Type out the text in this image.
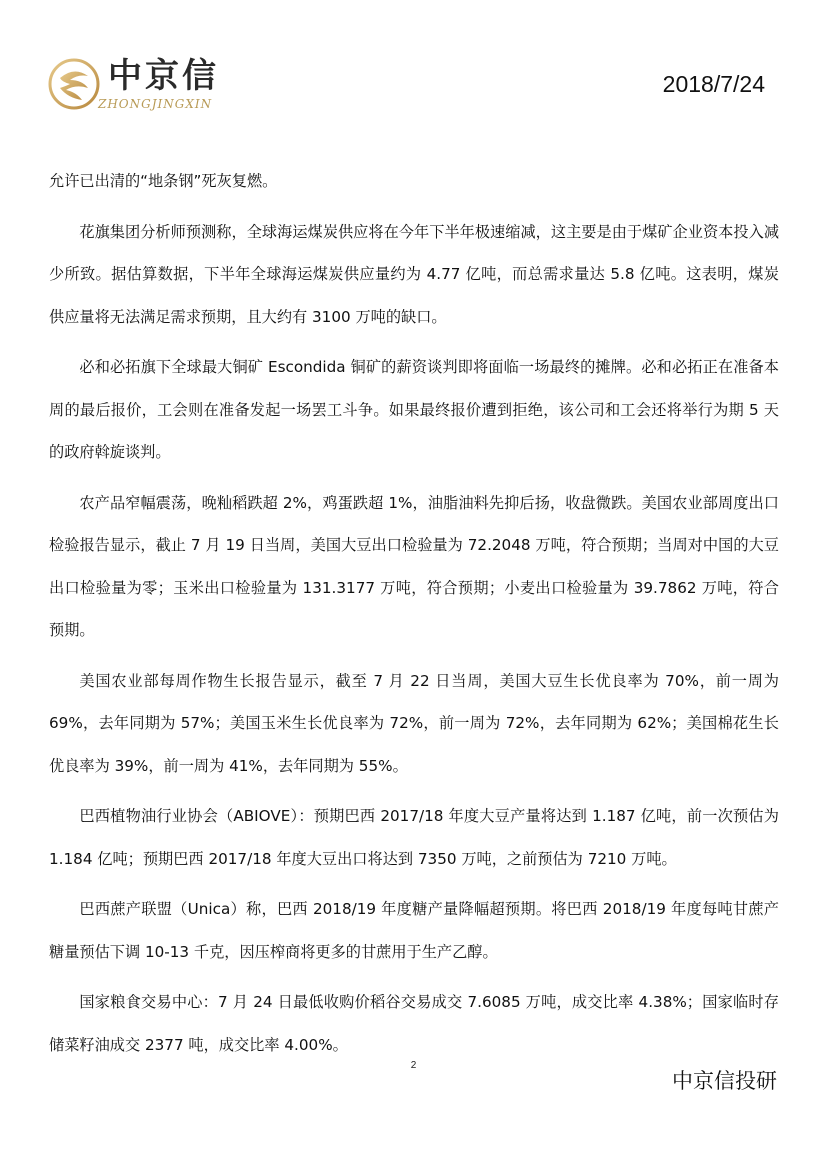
中京信
ZHONGJINGXIN
2018/7/24

允许已出清的“地条钢”死灰复燃。

花旗集团分析师预测称，全球海运煤炭供应将在今年下半年极速缩减，这主要是由于煤矿企业资本投入减少所致。据估算数据，下半年全球海运煤炭供应量约为 4.77 亿吨，而总需求量达 5.8 亿吨。这表明，煤炭供应量将无法满足需求预期，且大约有 3100 万吨的缺口。

必和必拓旗下全球最大铜矿 Escondida 铜矿的薪资谈判即将面临一场最终的摊牌。必和必拓正在准备本周的最后报价，工会则在准备发起一场罢工斗争。如果最终报价遭到拒绝，该公司和工会还将举行为期 5 天的政府斡旋谈判。

农产品窄幅震荡，晚籼稻跌超 2%，鸡蛋跌超 1%，油脂油料先抑后扬，收盘微跌。美国农业部周度出口检验报告显示，截止 7 月 19 日当周，美国大豆出口检验量为 72.2048 万吨，符合预期；当周对中国的大豆出口检验量为零；玉米出口检验量为 131.3177 万吨，符合预期；小麦出口检验量为 39.7862 万吨，符合预期。

美国农业部每周作物生长报告显示，截至 7 月 22 日当周，美国大豆生长优良率为 70%，前一周为 69%，去年同期为 57%；美国玉米生长优良率为 72%，前一周为 72%，去年同期为 62%；美国棉花生长优良率为 39%，前一周为 41%，去年同期为 55%。

巴西植物油行业协会（ABIOVE）：预期巴西 2017/18 年度大豆产量将达到 1.187 亿吨，前一次预估为 1.184 亿吨；预期巴西 2017/18 年度大豆出口将达到 7350 万吨，之前预估为 7210 万吨。

巴西蔗产联盟（Unica）称，巴西 2018/19 年度糖产量降幅超预期。将巴西 2018/19 年度每吨甘蔗产糖量预估下调 10-13 千克，因压榨商将更多的甘蔗用于生产乙醇。

国家粮食交易中心：7 月 24 日最低收购价稻谷交易成交 7.6085 万吨，成交比率 4.38%；国家临时存储菜籽油成交 2377 吨，成交比率 4.00%。

2
中京信投研
